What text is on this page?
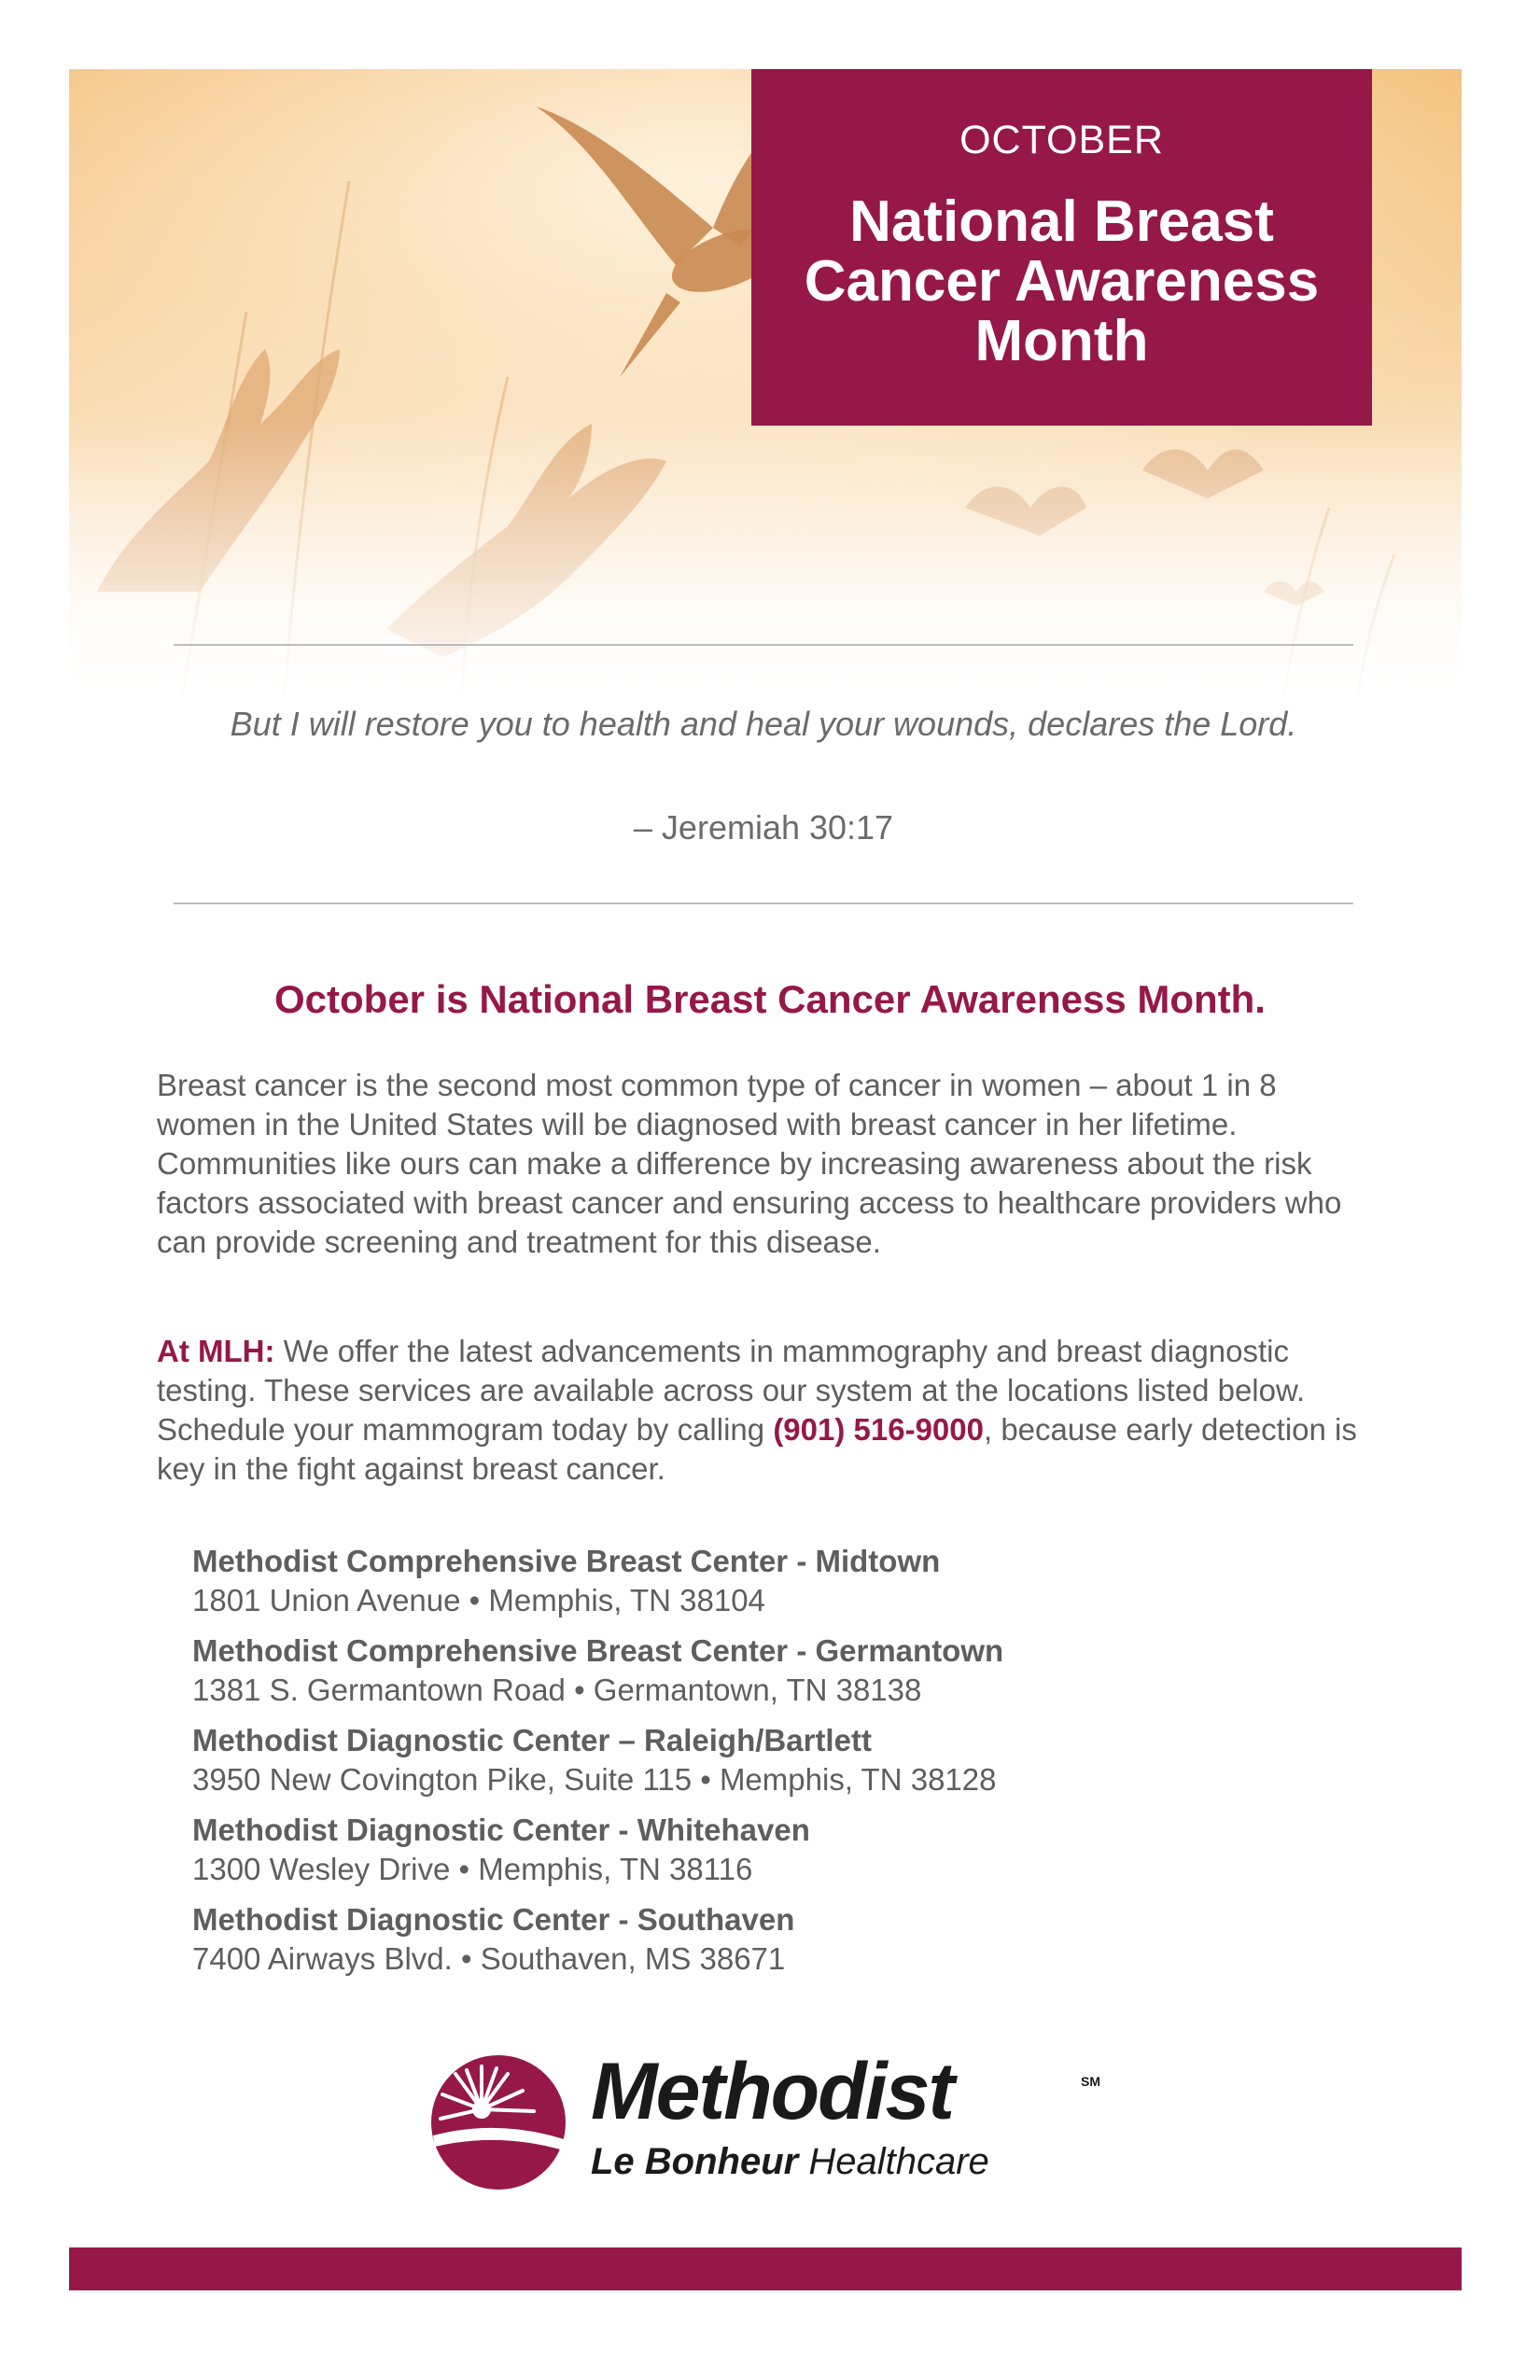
OCTOBER
National Breast Cancer Awareness Month
But I will restore you to health and heal your wounds, declares the Lord.
– Jeremiah 30:17
October is National Breast Cancer Awareness Month.
Breast cancer is the second most common type of cancer in women – about 1 in 8 women in the United States will be diagnosed with breast cancer in her lifetime. Communities like ours can make a difference by increasing awareness about the risk factors associated with breast cancer and ensuring access to healthcare providers who can provide screening and treatment for this disease.
At MLH: We offer the latest advancements in mammography and breast diagnostic testing. These services are available across our system at the locations listed below. Schedule your mammogram today by calling (901) 516-9000, because early detection is key in the fight against breast cancer.
Methodist Comprehensive Breast Center - Midtown
1801 Union Avenue • Memphis, TN 38104
Methodist Comprehensive Breast Center - Germantown
1381 S. Germantown Road • Germantown, TN 38138
Methodist Diagnostic Center – Raleigh/Bartlett
3950 New Covington Pike, Suite 115 • Memphis, TN 38128
Methodist Diagnostic Center - Whitehaven
1300 Wesley Drive • Memphis, TN 38116
Methodist Diagnostic Center - Southaven
7400 Airways Blvd. • Southaven, MS 38671
Methodist	SM
Le Bonheur Healthcare
